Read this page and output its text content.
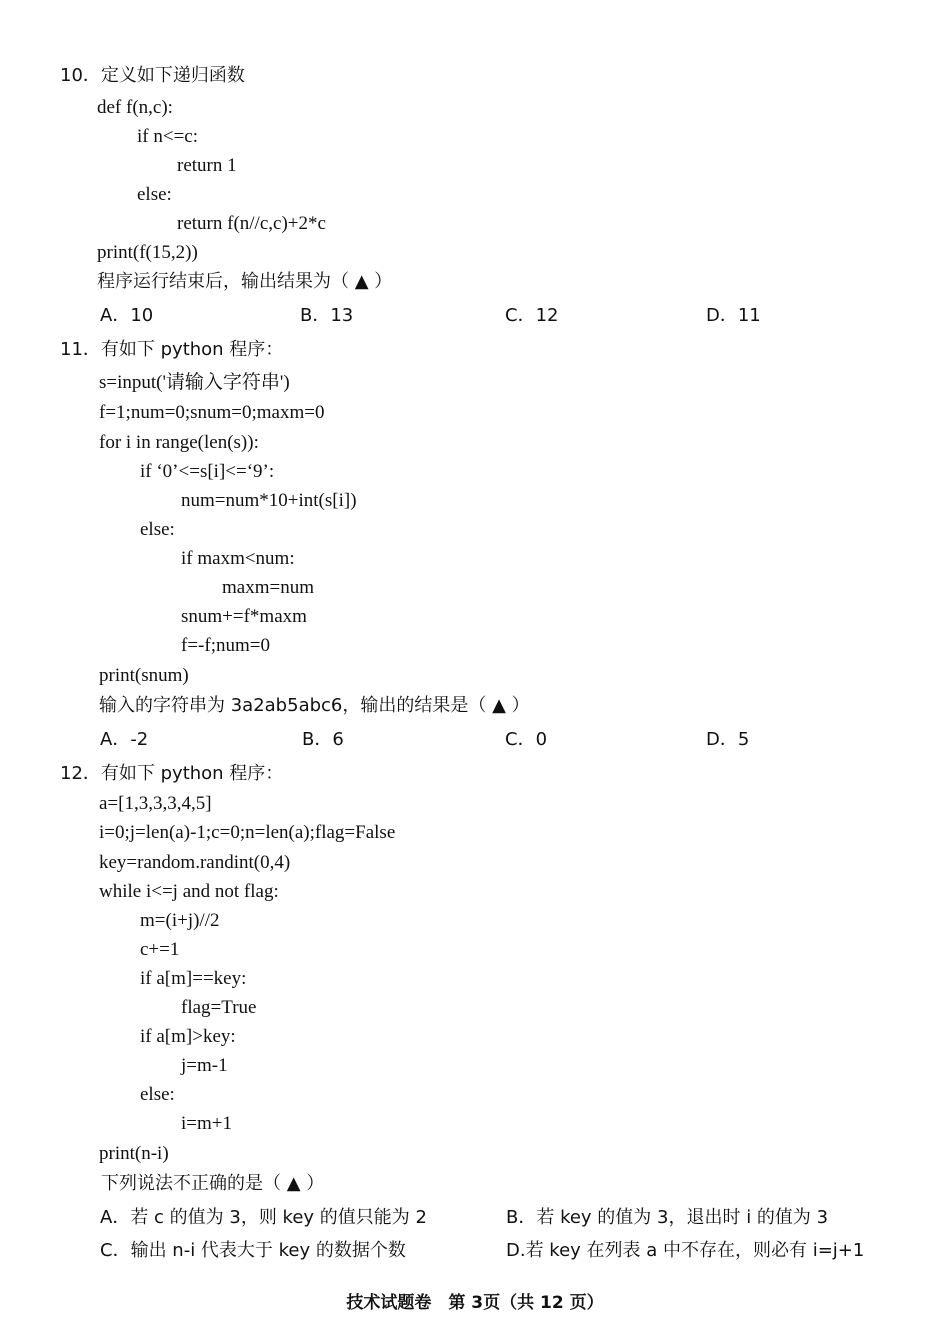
10．定义如下递归函数
def f(n,c):
if n<=c:
return 1
else:
return f(n//c,c)+2*c
print(f(15,2))
程序运行结束后，输出结果为（ ▲ ）
A．10	B．13	C．12	D．11
11．有如下 python 程序：
s=input('请输入字符串')
f=1;num=0;snum=0;maxm=0
for i in range(len(s)):
if ‘0’<=s[i]<=‘9’:
num=num*10+int(s[i])
else:
if maxm<num:
maxm=num
snum+=f*maxm
f=-f;num=0
print(snum)
输入的字符串为 3a2ab5abc6，输出的结果是（ ▲ ）
A．-2	B．6	C．0	D．5
12．有如下 python 程序：
a=[1,3,3,3,4,5]
i=0;j=len(a)-1;c=0;n=len(a);flag=False
key=random.randint(0,4)
while i<=j and not flag:
m=(i+j)//2
c+=1
if a[m]==key:
flag=True
if a[m]>key:
j=m-1
else:
i=m+1
print(n-i)
下列说法不正确的是（ ▲ ）
A．若 c 的值为 3，则 key 的值只能为 2	B．若 key 的值为 3，退出时 i 的值为 3
C．输出 n-i 代表大于 key 的数据个数	D.若 key 在列表 a 中不存在，则必有 i=j+1
技术试题卷　第 3页（共 12 页）
